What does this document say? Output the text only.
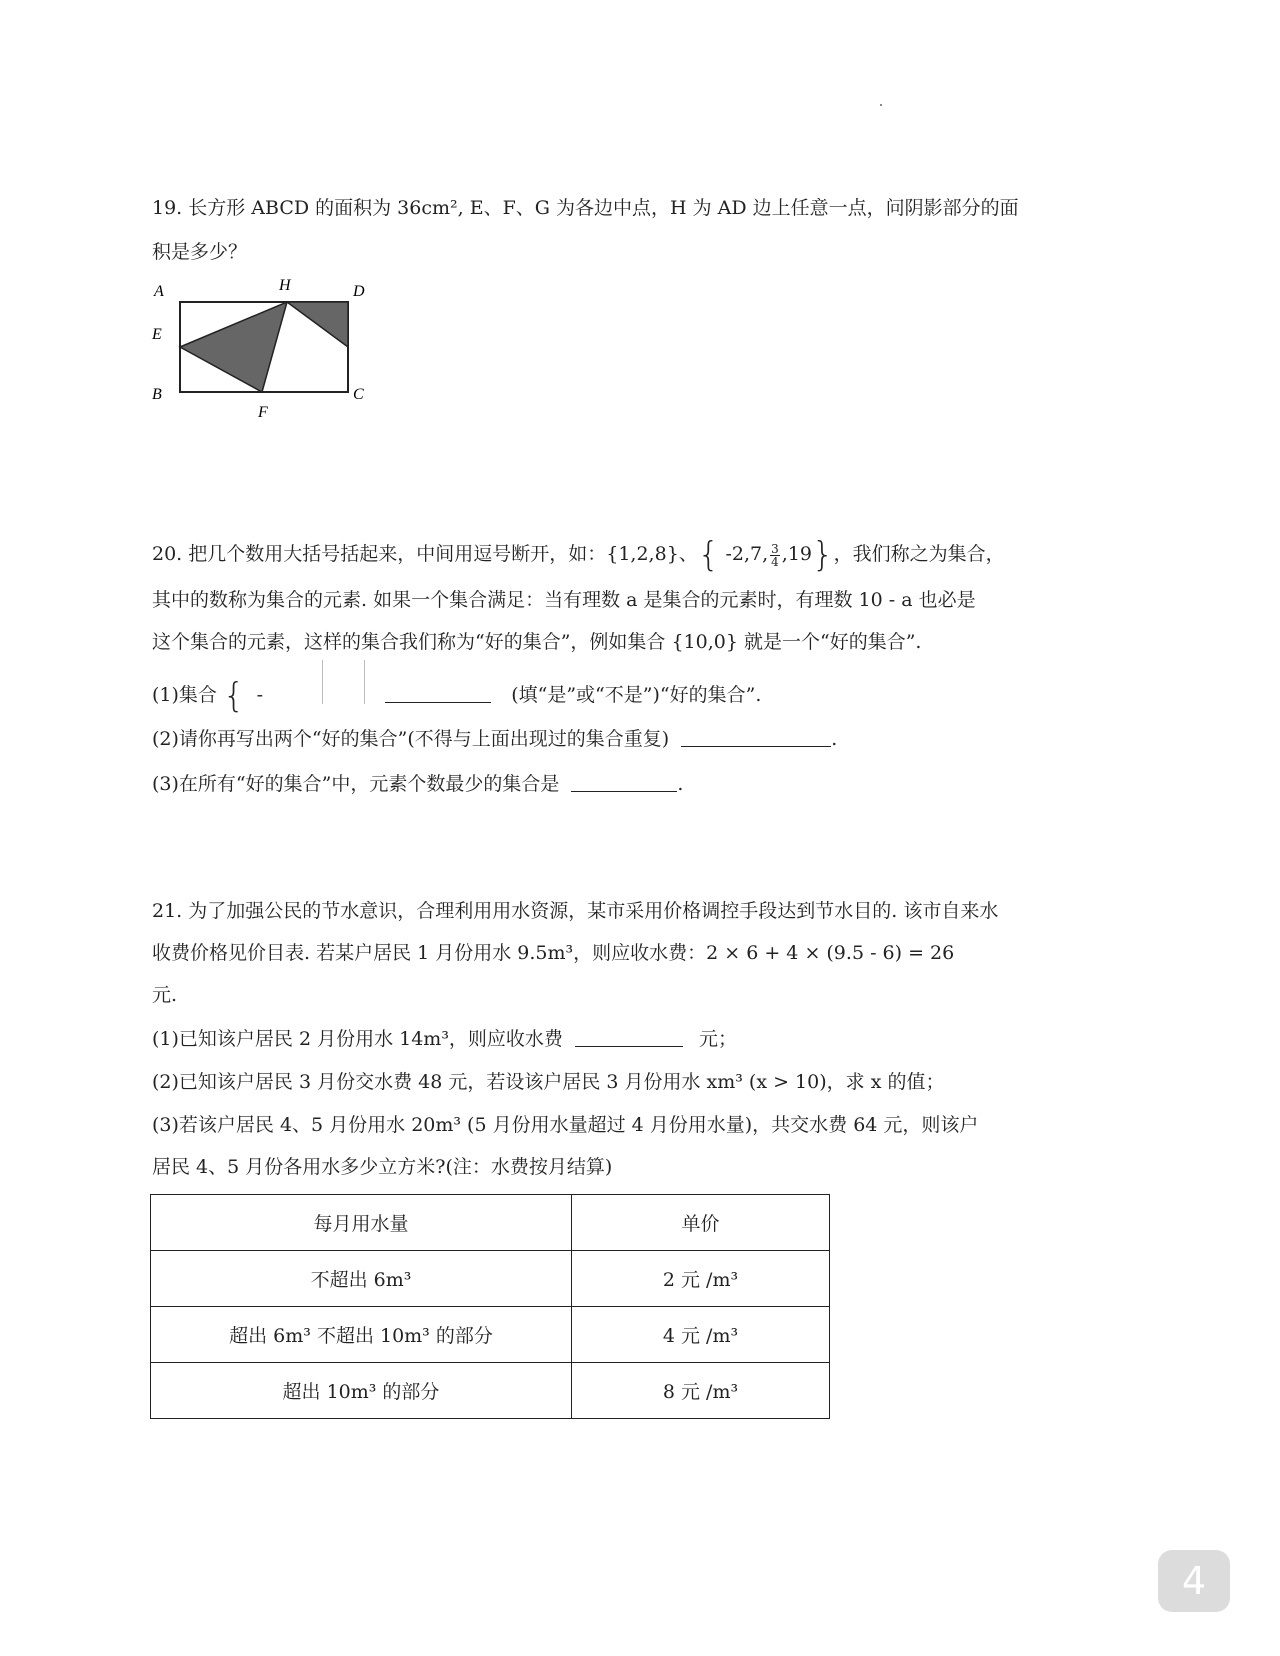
19. 长方形 ABCD 的面积为 36cm², E、F、G 为各边中点，H 为 AD 边上任意一点，问阴影部分的面
积是多少？
A	H	D
E
B	C
F
20. 把几个数用大括号括起来，中间用逗号断开，如：{1,2,8}、{ -2,7, $\frac{3}{4} ,19$}，我们称之为集合，
其中的数称为集合的元素. 如果一个集合满足：当有理数 a 是集合的元素时，有理数 10 - a 也必是
这个集合的元素，这样的集合我们称为“好的集合”，例如集合 {10,0} 就是一个“好的集合”.
(1)集合 { -	(填“是”或“不是”)“好的集合”.
(2)请你再写出两个“好的集合”(不得与上面出现过的集合重复)	.
(3)在所有“好的集合”中，元素个数最少的集合是	.
21. 为了加强公民的节水意识，合理利用用水资源，某市采用价格调控手段达到节水目的. 该市自来水
收费价格见价目表. 若某户居民 1 月份用水 9.5m³，则应收水费：2 × 6 + 4 × (9.5 - 6) = 26
元.
(1)已知该户居民 2 月份用水 14m³，则应收水费	元；
(2)已知该户居民 3 月份交水费 48 元，若设该户居民 3 月份用水 xm³ (x > 10)，求 x 的值；
(3)若该户居民 4、5 月份用水 20m³ (5 月份用水量超过 4 月份用水量)，共交水费 64 元，则该户
居民 4、5 月份各用水多少立方米?(注：水费按月结算)
每月用水量	单价
不超出 6m³	2 元 /m³
超出 6m³ 不超出 10m³ 的部分	4 元 /m³
超出 10m³ 的部分	8 元 /m³
4
